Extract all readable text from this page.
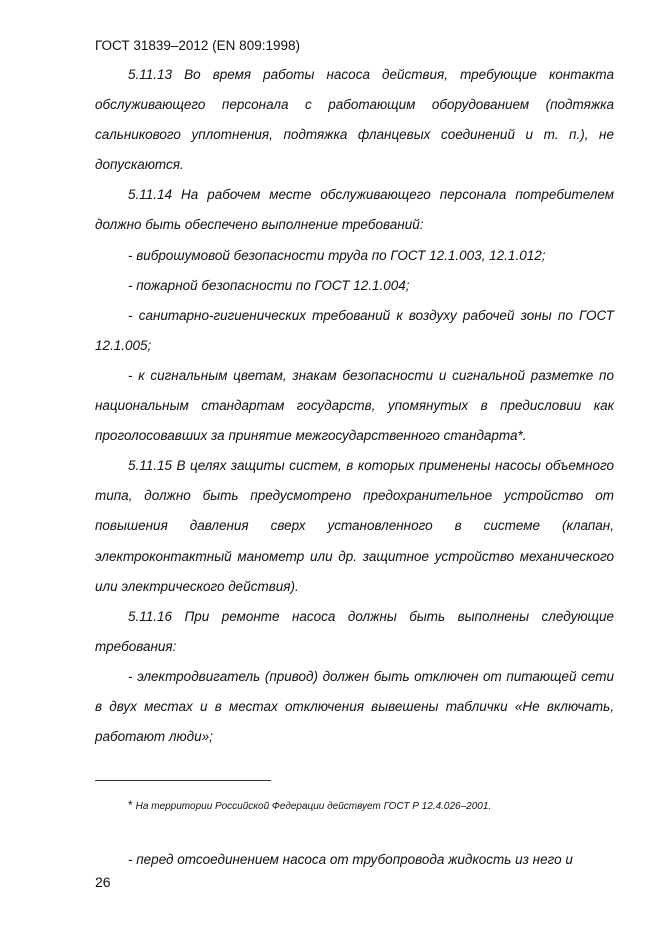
ГОСТ 31839–2012 (EN 809:1998)

5.11.13 Во время работы насоса действия, требующие контакта обслуживающего персонала с работающим оборудованием (подтяжка сальникового уплотнения, подтяжка фланцевых соединений и т. п.), не допускаются.

5.11.14 На рабочем месте обслуживающего персонала потребителем должно быть обеспечено выполнение требований:

- виброшумовой безопасности труда по ГОСТ 12.1.003, 12.1.012;

- пожарной безопасности по ГОСТ 12.1.004;

- санитарно-гигиенических требований к воздуху рабочей зоны по ГОСТ 12.1.005;

- к сигнальным цветам, знакам безопасности и сигнальной разметке по национальным стандартам государств, упомянутых в предисловии как проголосовавших за принятие межгосударственного стандарта*.

5.11.15 В целях защиты систем, в которых применены насосы объемного типа, должно быть предусмотрено предохранительное устройство от повышения давления сверх установленного в системе (клапан, электроконтактный манометр или др. защитное устройство механического или электрического действия).

5.11.16 При ремонте насоса должны быть выполнены следующие требования:

- электродвигатель (привод) должен быть отключен от питающей сети в двух местах и в местах отключения вывешены таблички «Не включать, работают люди»;

* На территории Российской Федерации действует ГОСТ Р 12.4.026–2001.
- перед отсоединением насоса от трубопровода жидкость из него и
26
